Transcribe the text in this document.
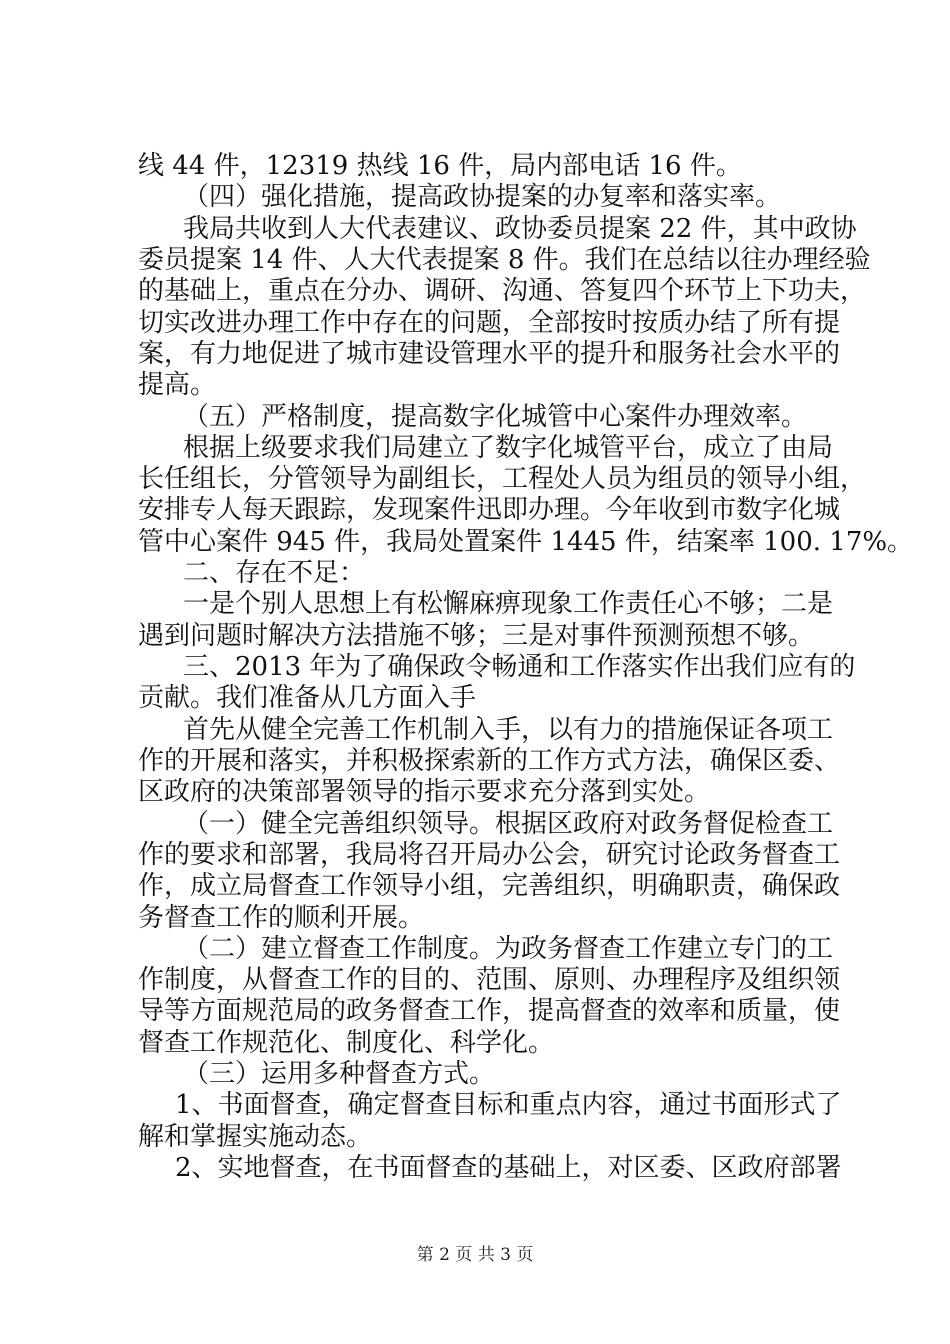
线 44 件，12319 热线 16 件，局内部电话 16 件。
（四）强化措施，提高政协提案的办复率和落实率。
我局共收到人大代表建议、政协委员提案 22 件，其中政协
委员提案 14 件、人大代表提案 8 件。我们在总结以往办理经验
的基础上，重点在分办、调研、沟通、答复四个环节上下功夫，
切实改进办理工作中存在的问题，全部按时按质办结了所有提
案，有力地促进了城市建设管理水平的提升和服务社会水平的
提高。
（五）严格制度，提高数字化城管中心案件办理效率。
根据上级要求我们局建立了数字化城管平台，成立了由局
长任组长，分管领导为副组长，工程处人员为组员的领导小组，
安排专人每天跟踪，发现案件迅即办理。今年收到市数字化城
管中心案件 945 件，我局处置案件 1445 件，结案率 100. 17%。
二、存在不足：
一是个别人思想上有松懈麻痹现象工作责任心不够；二是
遇到问题时解决方法措施不够；三是对事件预测预想不够。
三、2013 年为了确保政令畅通和工作落实作出我们应有的
贡献。我们准备从几方面入手
首先从健全完善工作机制入手，以有力的措施保证各项工
作的开展和落实，并积极探索新的工作方式方法，确保区委、
区政府的决策部署领导的指示要求充分落到实处。
（一）健全完善组织领导。根据区政府对政务督促检查工
作的要求和部署，我局将召开局办公会，研究讨论政务督查工
作，成立局督查工作领导小组，完善组织，明确职责，确保政
务督查工作的顺利开展。
（二）建立督查工作制度。为政务督查工作建立专门的工
作制度，从督查工作的目的、范围、原则、办理程序及组织领
导等方面规范局的政务督查工作，提高督查的效率和质量，使
督查工作规范化、制度化、科学化。
（三）运用多种督查方式。
1、书面督查，确定督查目标和重点内容，通过书面形式了
解和掌握实施动态。
2、实地督查，在书面督查的基础上，对区委、区政府部署
第 2 页 共 3 页
